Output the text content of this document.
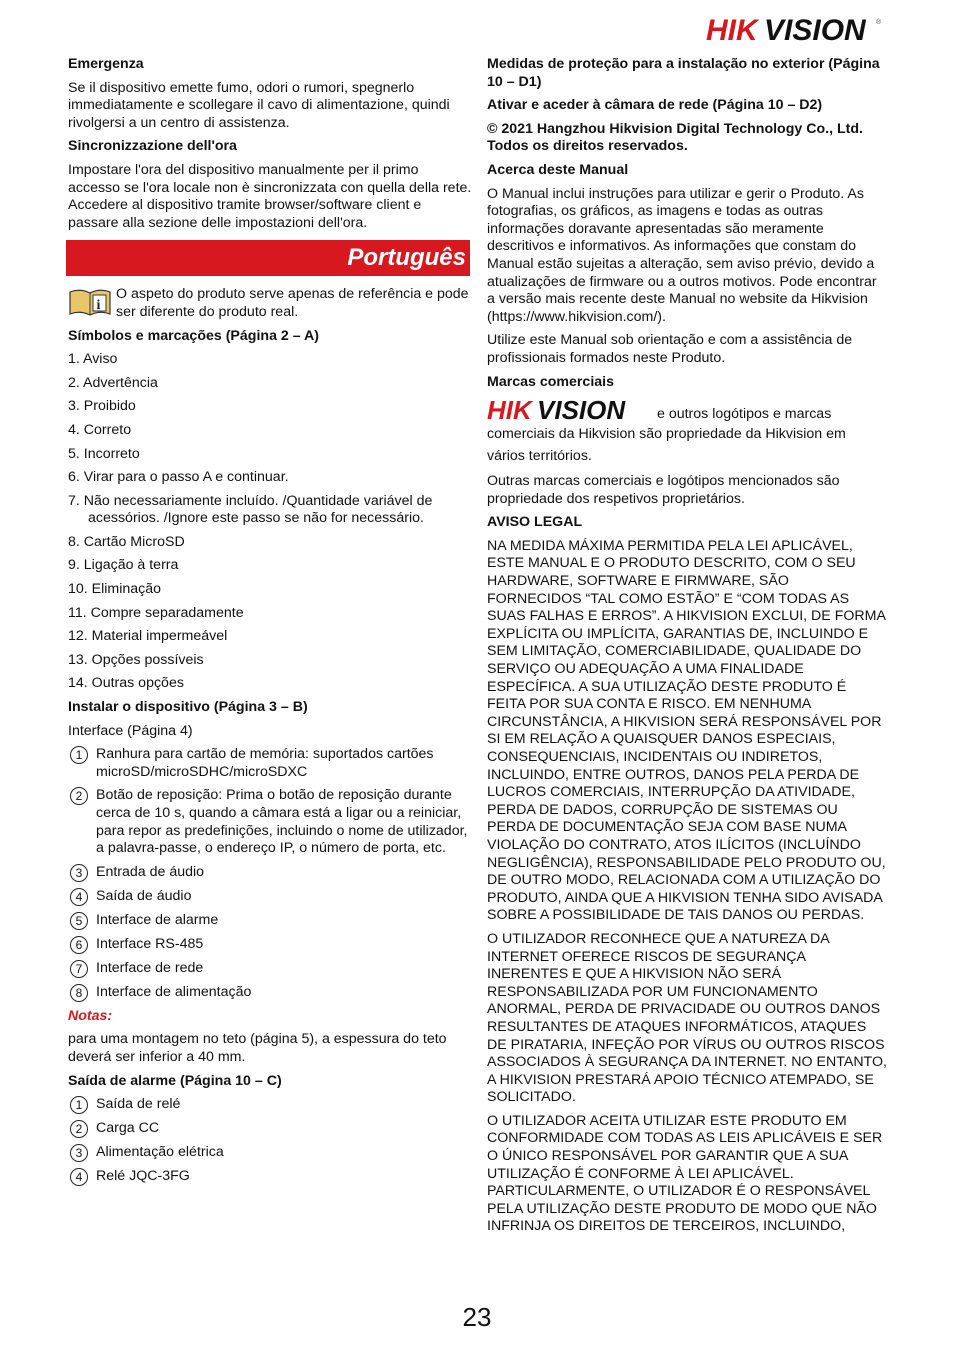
HIK VISION ®
Emergenza

Se il dispositivo emette fumo, odori o rumori, spegnerlo immediatamente e scollegare il cavo di alimentazione, quindi rivolgersi a un centro di assistenza.

Sincronizzazione dell'ora

Impostare l'ora del dispositivo manualmente per il primo accesso se l'ora locale non è sincronizzata con quella della rete. Accedere al dispositivo tramite browser/software client e passare alla sezione delle impostazioni dell'ora.

Português
i
O aspeto do produto serve apenas de referência e pode ser diferente do produto real.
Símbolos e marcações (Página 2 – A)
1. Aviso
2. Advertência
3. Proibido
4. Correto
5. Incorreto
6. Virar para o passo A e continuar.
7. Não necessariamente incluído. /Quantidade variável de acessórios. /Ignore este passo se não for necessário.
8. Cartão MicroSD
9. Ligação à terra
10. Eliminação
11. Compre separadamente
12. Material impermeável
13. Opções possíveis
14. Outras opções
Instalar o dispositivo (Página 3 – B)

Interface (Página 4)

1 Ranhura para cartão de memória: suportados cartões microSD/microSDHC/microSDXC
2 Botão de reposição: Prima o botão de reposição durante cerca de 10 s, quando a câmara está a ligar ou a reiniciar, para repor as predefinições, incluindo o nome de utilizador, a palavra-passe, o endereço IP, o número de porta, etc.
3 Entrada de áudio
4 Saída de áudio
5 Interface de alarme
6 Interface RS-485
7 Interface de rede
8 Interface de alimentação

Notas:

para uma montagem no teto (página 5), a espessura do teto deverá ser inferior a 40 mm.

Saída de alarme (Página 10 – C)
1 Saída de relé
2 Carga CC
3 Alimentação elétrica
4 Relé JQC-3FG
Medidas de proteção para a instalação no exterior (Página 10 – D1)
Ativar e aceder à câmara de rede (Página 10 – D2)
© 2021 Hangzhou Hikvision Digital Technology Co., Ltd. Todos os direitos reservados.
Acerca deste Manual

O Manual inclui instruções para utilizar e gerir o Produto. As fotografias, os gráficos, as imagens e todas as outras informações doravante apresentadas são meramente descritivos e informativos. As informações que constam do Manual estão sujeitas a alteração, sem aviso prévio, devido a atualizações de firmware ou a outros motivos. Pode encontrar a versão mais recente deste Manual no website da Hikvision (https://www.hikvision.com/).

Utilize este Manual sob orientação e com a assistência de profissionais formados neste Produto.

Marcas comerciais
HIK VISION e outros logótipos e marcas

comerciais da Hikvision são propriedade da Hikvision em vários territórios.

Outras marcas comerciais e logótipos mencionados são propriedade dos respetivos proprietários.

AVISO LEGAL

NA MEDIDA MÁXIMA PERMITIDA PELA LEI APLICÁVEL, ESTE MANUAL E O PRODUTO DESCRITO, COM O SEU HARDWARE, SOFTWARE E FIRMWARE, SÃO FORNECIDOS “TAL COMO ESTÃO” E “COM TODAS AS SUAS FALHAS E ERROS”. A HIKVISION EXCLUI, DE FORMA EXPLÍCITA OU IMPLÍCITA, GARANTIAS DE, INCLUINDO E SEM LIMITAÇÃO, COMERCIABILIDADE, QUALIDADE DO SERVIÇO OU ADEQUAÇÃO A UMA FINALIDADE ESPECÍFICA. A SUA UTILIZAÇÃO DESTE PRODUTO É FEITA POR SUA CONTA E RISCO. EM NENHUMA CIRCUNSTÂNCIA, A HIKVISION SERÁ RESPONSÁVEL POR SI EM RELAÇÃO A QUAISQUER DANOS ESPECIAIS, CONSEQUENCIAIS, INCIDENTAIS OU INDIRETOS, INCLUINDO, ENTRE OUTROS, DANOS PELA PERDA DE LUCROS COMERCIAIS, INTERRUPÇÃO DA ATIVIDADE, PERDA DE DADOS, CORRUPÇÃO DE SISTEMAS OU PERDA DE DOCUMENTAÇÃO SEJA COM BASE NUMA VIOLAÇÃO DO CONTRATO, ATOS ILÍCITOS (INCLUÍNDO NEGLIGÊNCIA), RESPONSABILIDADE PELO PRODUTO OU, DE OUTRO MODO, RELACIONADA COM A UTILIZAÇÃO DO PRODUTO, AINDA QUE A HIKVISION TENHA SIDO AVISADA SOBRE A POSSIBILIDADE DE TAIS DANOS OU PERDAS.

O UTILIZADOR RECONHECE QUE A NATUREZA DA INTERNET OFERECE RISCOS DE SEGURANÇA INERENTES E QUE A HIKVISION NÃO SERÁ RESPONSABILIZADA POR UM FUNCIONAMENTO ANORMAL, PERDA DE PRIVACIDADE OU OUTROS DANOS RESULTANTES DE ATAQUES INFORMÁTICOS, ATAQUES DE PIRATARIA, INFEÇÃO POR VÍRUS OU OUTROS RISCOS ASSOCIADOS À SEGURANÇA DA INTERNET. NO ENTANTO, A HIKVISION PRESTARÁ APOIO TÉCNICO ATEMPADO, SE SOLICITADO.

O UTILIZADOR ACEITA UTILIZAR ESTE PRODUTO EM CONFORMIDADE COM TODAS AS LEIS APLICÁVEIS E SER O ÚNICO RESPONSÁVEL POR GARANTIR QUE A SUA UTILIZAÇÃO É CONFORME À LEI APLICÁVEL. PARTICULARMENTE, O UTILIZADOR É O RESPONSÁVEL PELA UTILIZAÇÃO DESTE PRODUTO DE MODO QUE NÃO INFRINJA OS DIREITOS DE TERCEIROS, INCLUINDO,

23
